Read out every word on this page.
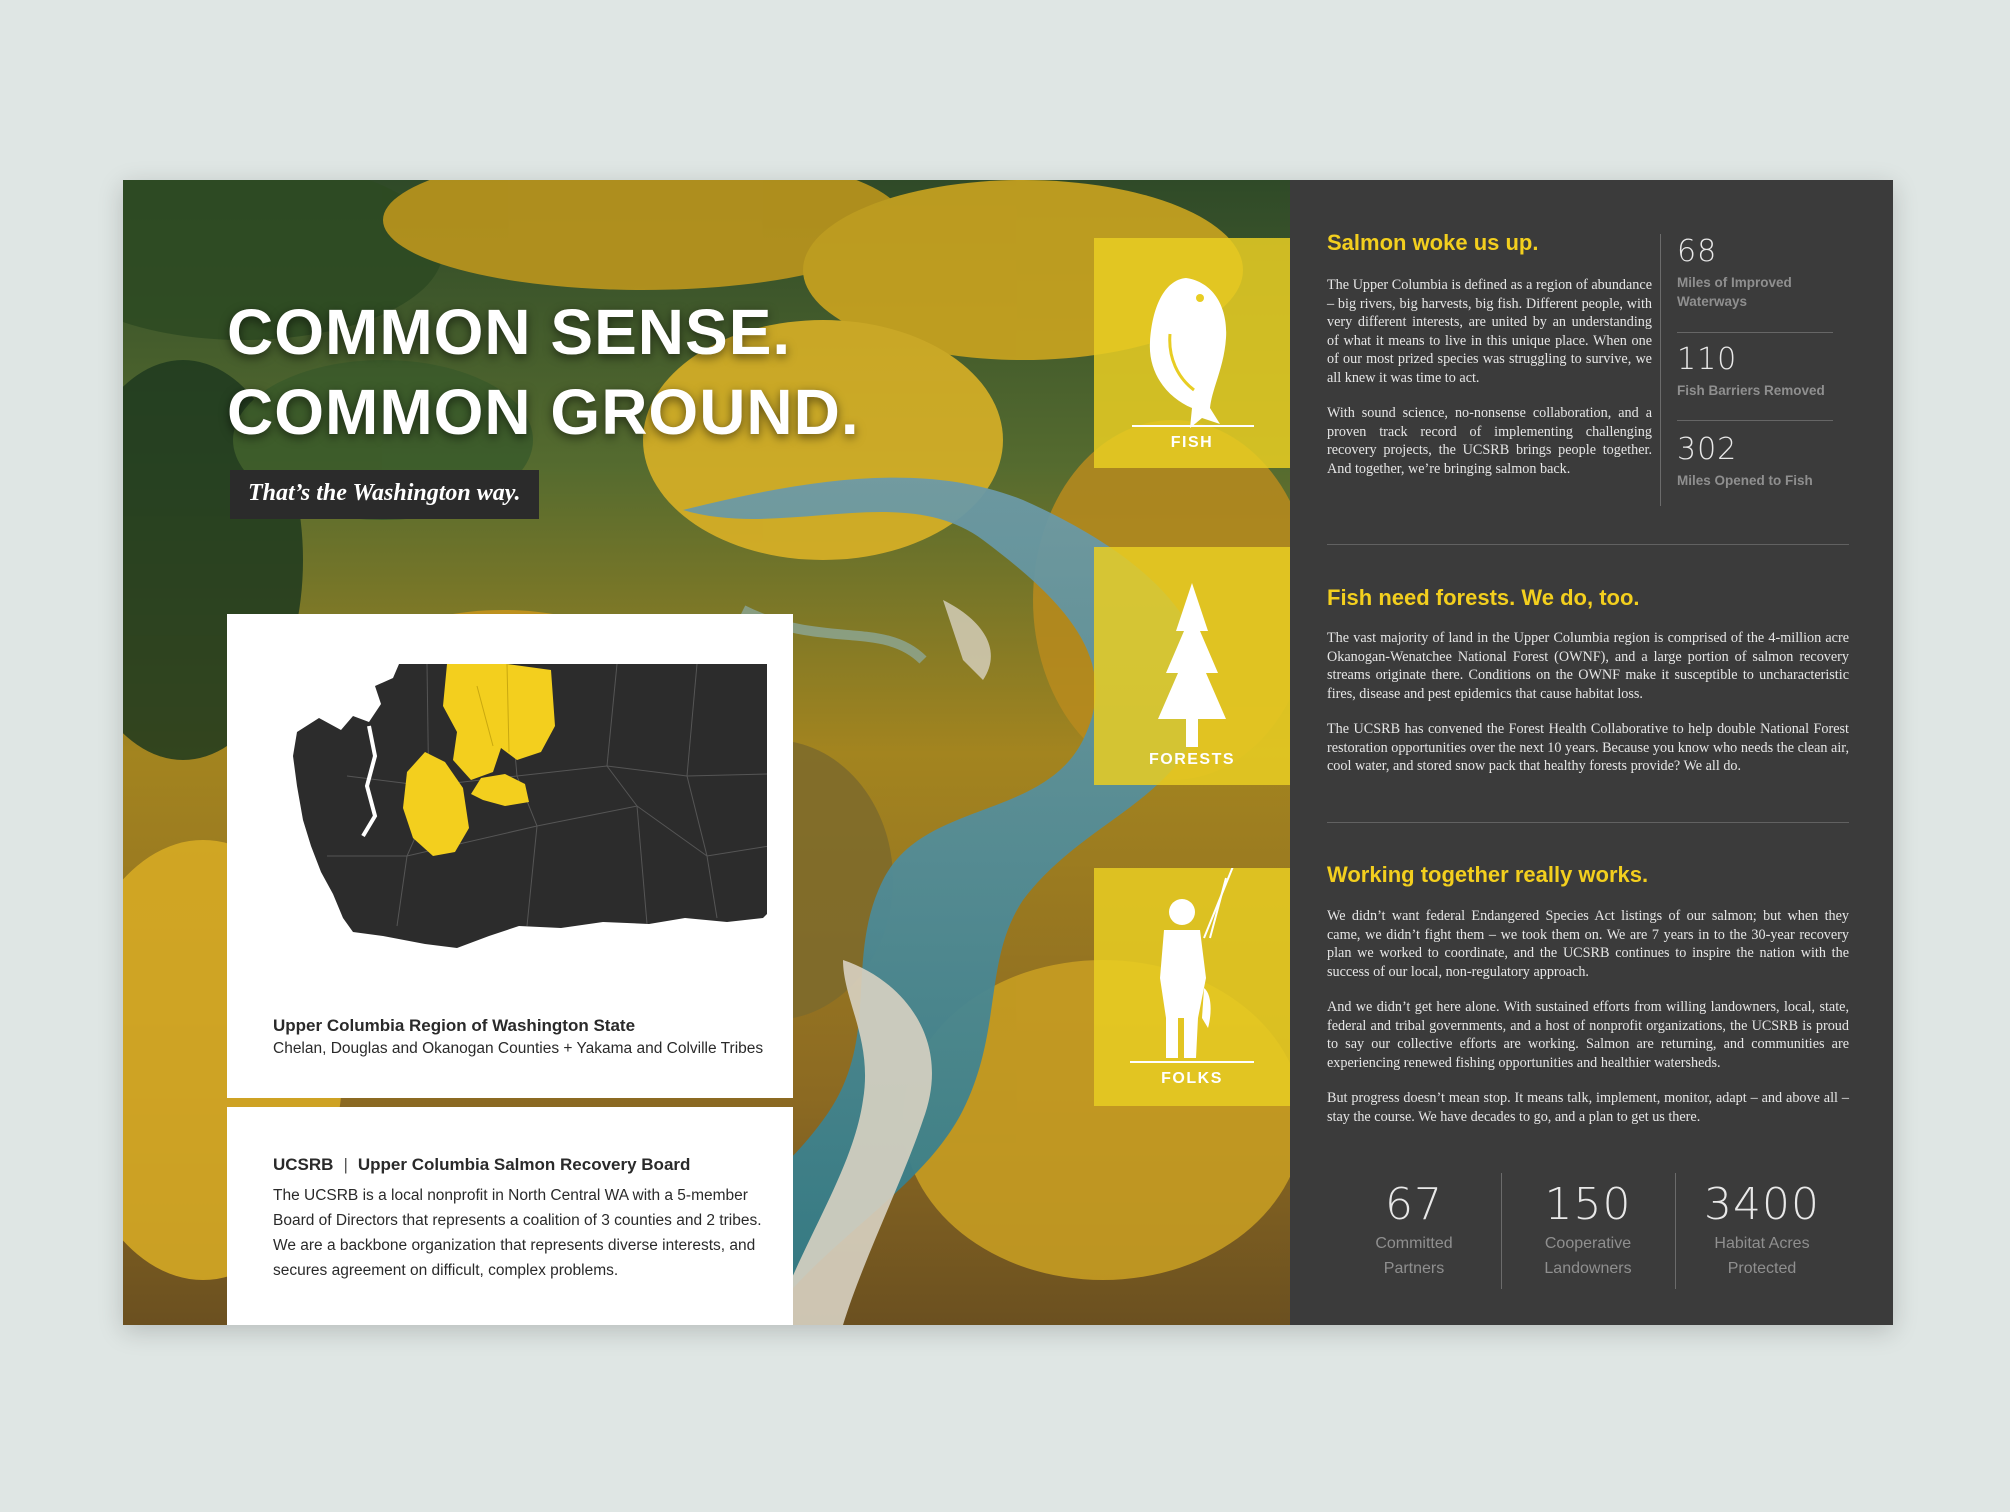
COMMON SENSE.
COMMON GROUND.
That’s the Washington way.
Upper Columbia Region of Washington State
Chelan, Douglas and Okanogan Counties + Yakama and Colville Tribes
UCSRB | Upper Columbia Salmon Recovery Board
The UCSRB is a local nonprofit in North Central WA with a 5-member Board of Directors that represents a coalition of 3 counties and 2 tribes. We are a backbone organization that represents diverse interests, and secures agreement on difficult, complex problems.
FISH
FORESTS
FOLKS
Salmon woke us up.

The Upper Columbia is defined as a region of abundance – big rivers, big harvests, big fish. Different people, with very different interests, are united by an understanding of what it means to live in this unique place. When one of our most prized species was struggling to survive, we all knew it was time to act.

With sound science, no-nonsense collaboration, and a proven track record of implementing challenging recovery projects, the UCSRB brings people together. And together, we’re bringing salmon back.

68
Miles of Improved Waterways
110
Fish Barriers Removed
302
Miles Opened to Fish
Fish need forests. We do, too.

The vast majority of land in the Upper Columbia region is comprised of the 4-million acre Okanogan-Wenatchee National Forest (OWNF), and a large portion of salmon recovery streams originate there. Conditions on the OWNF make it susceptible to uncharacteristic fires, disease and pest epidemics that cause habitat loss.

The UCSRB has convened the Forest Health Collaborative to help double National Forest restoration opportunities over the next 10 years. Because you know who needs the clean air, cool water, and stored snow pack that healthy forests provide? We all do.

Working together really works.

We didn’t want federal Endangered Species Act listings of our salmon; but when they came, we didn’t fight them – we took them on. We are 7 years in to the 30-year recovery plan we worked to coordinate, and the UCSRB continues to inspire the nation with the success of our local, non-regulatory approach.

And we didn’t get here alone. With sustained efforts from willing landowners, local, state, federal and tribal governments, and a host of nonprofit organizations, the UCSRB is proud to say our collective efforts are working. Salmon are returning, and communities are experiencing renewed fishing opportunities and healthier watersheds.

But progress doesn’t mean stop. It means talk, implement, monitor, adapt – and above all – stay the course. We have decades to go, and a plan to get us there.

67
Committed
Partners
150
Cooperative
Landowners
3400
Habitat Acres
Protected
